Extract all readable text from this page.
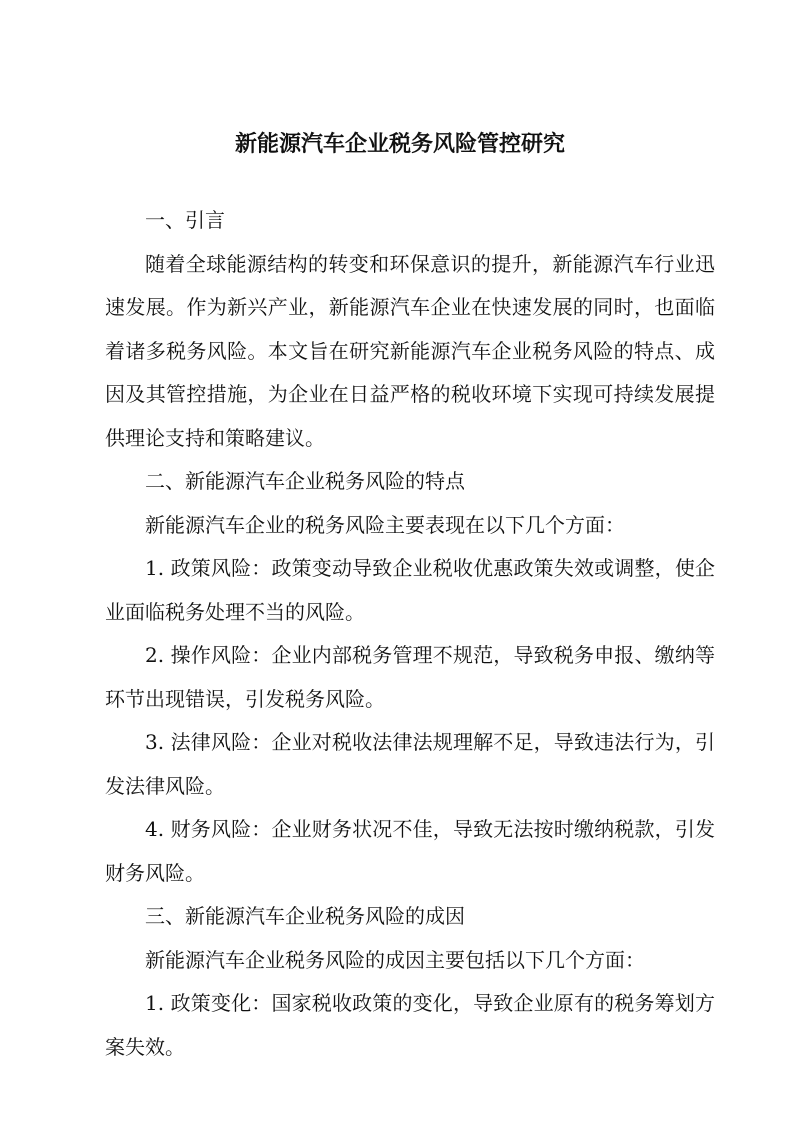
新能源汽车企业税务风险管控研究

一、引言

随着全球能源结构的转变和环保意识的提升，新能源汽车行业迅速发展。作为新兴产业，新能源汽车企业在快速发展的同时，也面临着诸多税务风险。本文旨在研究新能源汽车企业税务风险的特点、成因及其管控措施，为企业在日益严格的税收环境下实现可持续发展提供理论支持和策略建议。

二、新能源汽车企业税务风险的特点

新能源汽车企业的税务风险主要表现在以下几个方面：

1. 政策风险：政策变动导致企业税收优惠政策失效或调整，使企业面临税务处理不当的风险。

2. 操作风险：企业内部税务管理不规范，导致税务申报、缴纳等环节出现错误，引发税务风险。

3. 法律风险：企业对税收法律法规理解不足，导致违法行为，引发法律风险。

4. 财务风险：企业财务状况不佳，导致无法按时缴纳税款，引发财务风险。

三、新能源汽车企业税务风险的成因

新能源汽车企业税务风险的成因主要包括以下几个方面：

1. 政策变化：国家税收政策的变化，导致企业原有的税务筹划方案失效。
